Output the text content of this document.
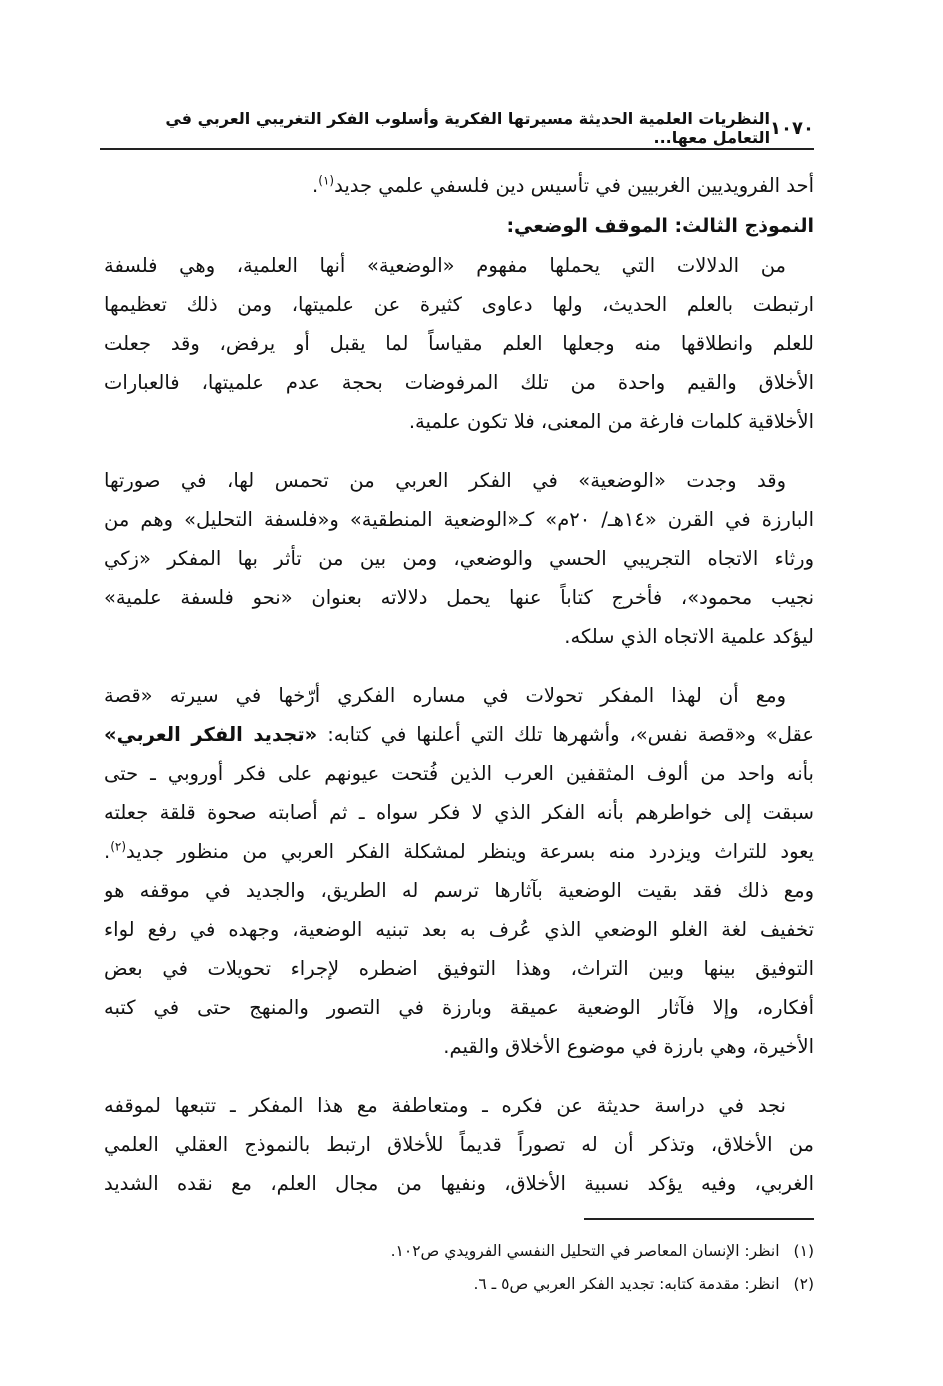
١٠٧٠
النظريات العلمية الحديثة مسيرتها الفكرية وأسلوب الفكر التغريبي العربي في التعامل معها...
أحد الفرويديين الغربيين في تأسيس دين فلسفي علمي جديد$^{(١)}$.
النموذج الثالث: الموقف الوضعي:
من الدلالات التي يحملها مفهوم «الوضعية» أنها العلمية، وهي فلسفة
ارتبطت بالعلم الحديث، ولها دعاوى كثيرة عن علميتها، ومن ذلك تعظيمها
للعلم وانطلاقها منه وجعلها العلم مقياساً لما يقبل أو يرفض، وقد جعلت
الأخلاق والقيم واحدة من تلك المرفوضات بحجة عدم علميتها، فالعبارات
الأخلاقية كلمات فارغة من المعنى، فلا تكون علمية.
وقد وجدت «الوضعية» في الفكر العربي من تحمس لها، في صورتها
البارزة في القرن «١٤هـ/ ٢٠م» كـ«الوضعية المنطقية» و«فلسفة التحليل» وهم من
ورثاء الاتجاه التجريبي الحسي والوضعي، ومن بين من تأثر بها المفكر «زكي
نجيب محمود»، فأخرج كتاباً عنها يحمل دلالاته بعنوان «نحو فلسفة علمية»
ليؤكد علمية الاتجاه الذي سلكه.
ومع أن لهذا المفكر تحولات في مساره الفكري أرّخها في سيرته «قصة
عقل» و«قصة نفس»، وأشهرها تلك التي أعلنها في كتابه: «تجديد الفكر العربي»
بأنه واحد من ألوف المثقفين العرب الذين فُتحت عيونهم على فكر أوروبي ـ حتى
سبقت إلى خواطرهم بأنه الفكر الذي لا فكر سواه ـ ثم أصابته صحوة قلقة جعلته
يعود للتراث ويزدرد منه بسرعة وينظر لمشكلة الفكر العربي من منظور جديد$^{(٢)}$.
ومع ذلك فقد بقيت الوضعية بآثارها ترسم له الطريق، والجديد في موقفه هو
تخفيف لغة الغلو الوضعي الذي عُرف به بعد تبنيه الوضعية، وجهده في رفع لواء
التوفيق بينها وبين التراث، وهذا التوفيق اضطره لإجراء تحويلات في بعض
أفكاره، وإلا فآثار الوضعية عميقة وبارزة في التصور والمنهج حتى في كتبه
الأخيرة، وهي بارزة في موضوع الأخلاق والقيم.
نجد في دراسة حديثة عن فكره ـ ومتعاطفة مع هذا المفكر ـ تتبعها لموقفه
من الأخلاق، وتذكر أن له تصوراً قديماً للأخلاق ارتبط بالنموذج العقلي العلمي
الغربي، وفيه يؤكد نسبية الأخلاق، ونفيها من مجال العلم، مع نقده الشديد
(١)
انظر: الإنسان المعاصر في التحليل النفسي الفرويدي ص١٠٢.
(٢)
انظر: مقدمة كتابه: تجديد الفكر العربي ص٥ ـ ٦.
